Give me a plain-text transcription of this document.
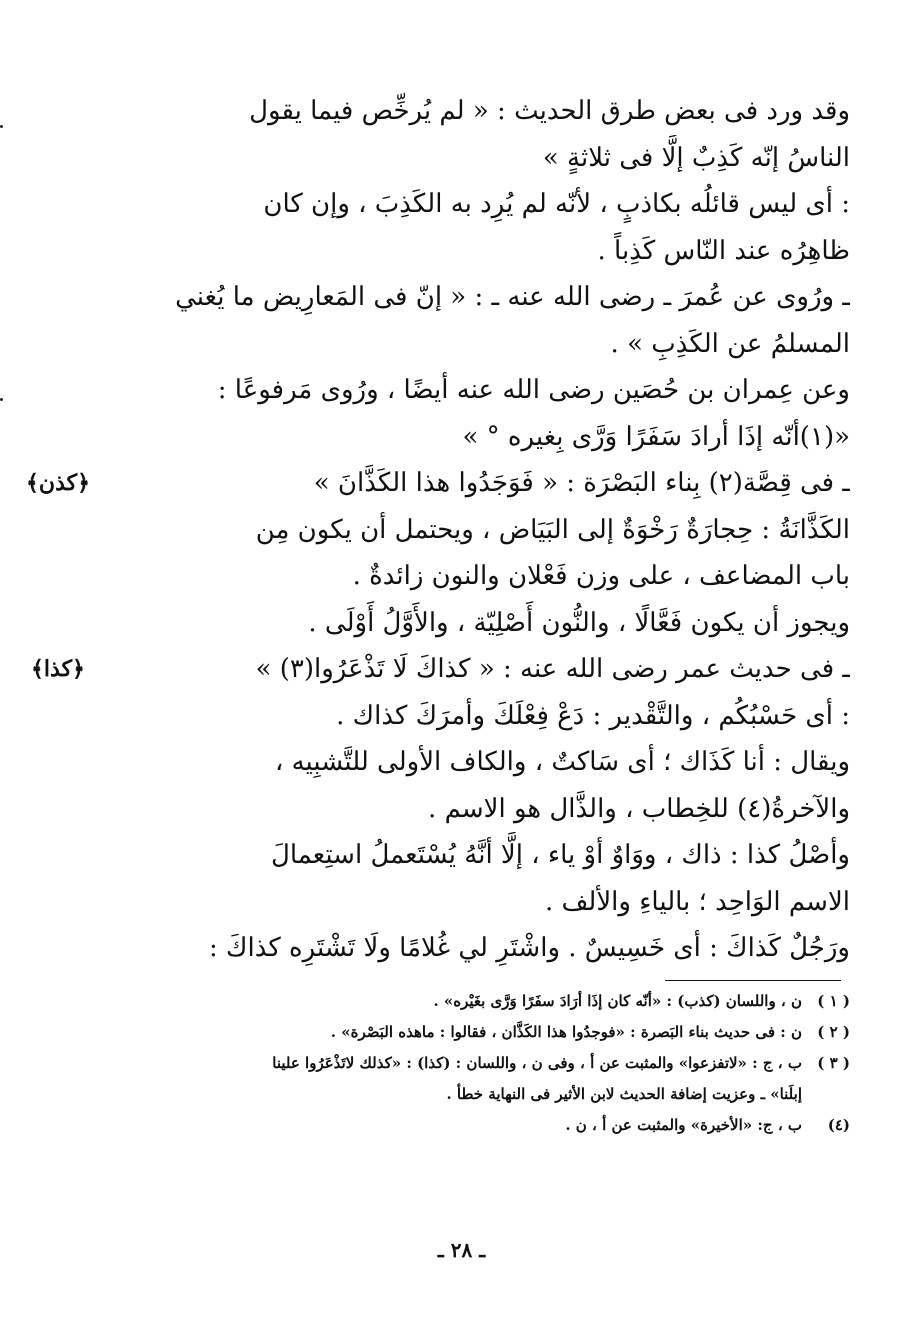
وقد ورد فى بعض طرق الحديث : « لم يُرخِّص فيما يقول
الناسُ إنّه كَذِبٌ إلَّا فى ثلاثةٍ »
: أى ليس قائلُه بكاذبٍ ، لأنّه لم يُرِد به الكَذِبَ ، وإن كان
ظاهِرُه عند النّاس كَذِباً .
ـ ورُوى عن عُمرَ ـ رضى الله عنه ـ : « إنّ فى المَعارِيض ما يُغني
المسلمُ عن الكَذِبِ » .
وعن عِمران بن حُصَين رضى الله عنه أيضًا ، ورُوى مَرفوعًا :
«(١)أنّه إذَا أرادَ سَفَرًا وَرَّى بِغيره ° »
ـ فى قِصَّة(٢) بِناء البَصْرَة : « فَوَجَدُوا هذا الكَذَّانَ »
الكَذَّانَةُ : حِجارَةٌ رَخْوَةٌ إلى البَيَاض ، ويحتمل أن يكون مِن
باب المضاعف ، على وزن فَعْلان والنون زائدةٌ .
ويجوز أن يكون فَعَّالًا ، والنُّون أَصْلِيّة ، والأَوَّلُ أَوْلَى .
ـ فى حديث عمر رضى الله عنه : « كذاكَ لَا تَذْعَرُوا(٣) »
: أى حَسْبُكُم ، والتَّقْدير : دَعْ فِعْلَكَ وأمرَكَ كذاك .
ويقال : أنا كَذَاك ؛ أى سَاكتٌ ، والكاف الأولى للتَّشبِيه ،
والآخرةُ(٤) للخِطاب ، والذَّال هو الاسم .
وأصْلُ كذا : ذاك ، ووَاوٌ أوْ ياء ، إلَّا أنَّهُ يُسْتَعملُ استِعمالَ
الاسم الوَاحِد ؛ بالياءِ والألف .
ورَجُلٌ كَذاكَ : أى خَسِيسٌ . واشْتَرِ لي غُلامًا ولَا تَشْتَرِه كذاكَ :
﴿كذن﴾
﴿كذا﴾
( ١ )
ن ، واللسان (كذب) : «أنّه كان إذَا أرَادَ سفَرًا وَرَّى بغَيْره» .
( ٢ )
ن : فى حديث بناء البَصرة : «فوجدُوا هذا الكَذَّان ، فقالوا : ماهذه البَصْرة» .
( ٣ )
ب ، ج : «لاتفزعوا» والمثبت عن أ ، وفى ن ، واللسان : (كذا) : «كذلك لاتَذْعَرُوا علينا
إبلَنا» ـ وعزيت إضافة الحديث لابن الأثير فى النهاية خطأ .
(٤)
ب ، ج: «الأخيرة» والمثبت عن أ ، ن .
ـ ٢٨ ـ
